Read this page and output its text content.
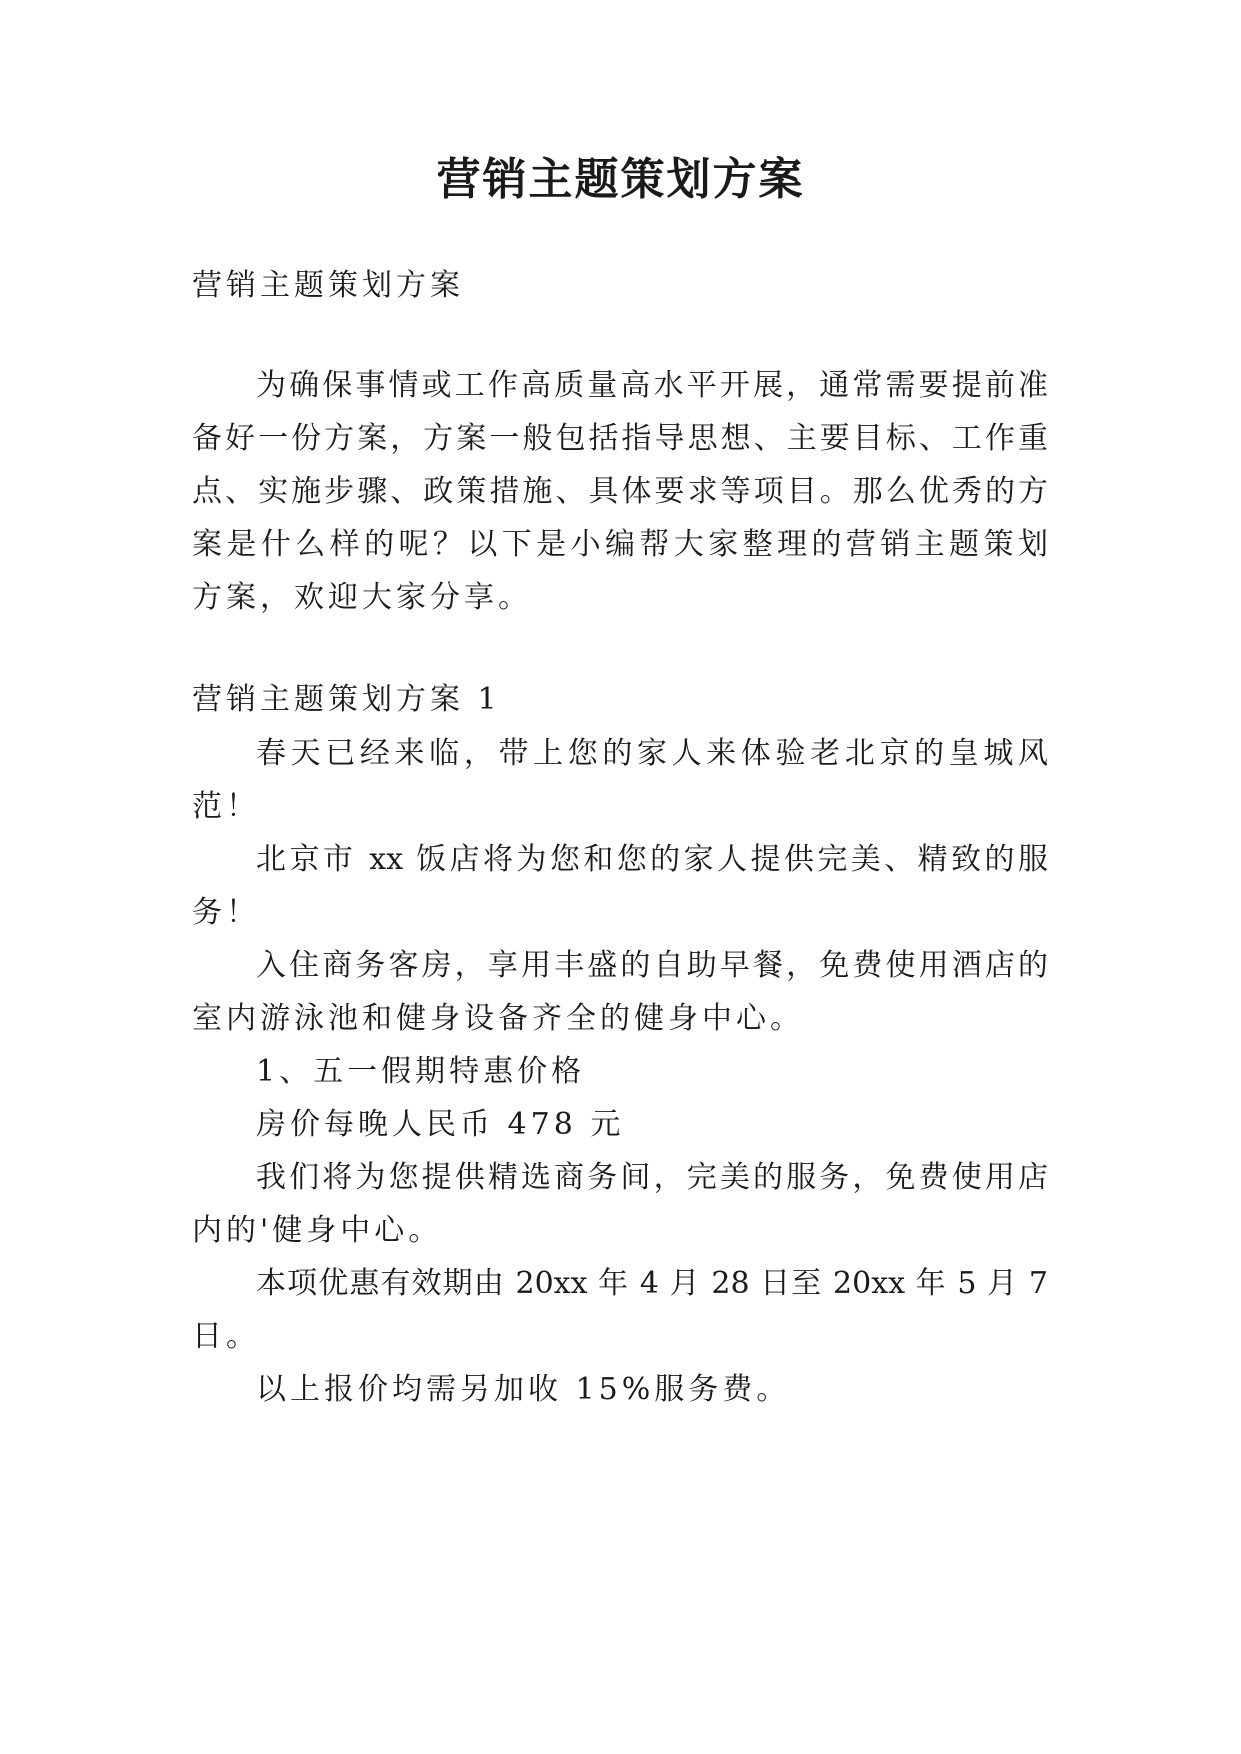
营销主题策划方案
营销主题策划方案
为确保事情或工作高质量高水平开展，通常需要提前准
备好一份方案，方案一般包括指导思想、主要目标、工作重
点、实施步骤、政策措施、具体要求等项目。那么优秀的方
案是什么样的呢？以下是小编帮大家整理的营销主题策划
方案，欢迎大家分享。
营销主题策划方案 1
春天已经来临，带上您的家人来体验老北京的皇城风
范！
北京市 xx 饭店将为您和您的家人提供完美、精致的服
务！
入住商务客房，享用丰盛的自助早餐，免费使用酒店的
室内游泳池和健身设备齐全的健身中心。
1、五一假期特惠价格
房价每晚人民币 478 元
我们将为您提供精选商务间，完美的服务，免费使用店
内的'健身中心。
本项优惠有效期由 20xx 年 4 月 28 日至 20xx 年 5 月 7
日。
以上报价均需另加收 15%服务费。
